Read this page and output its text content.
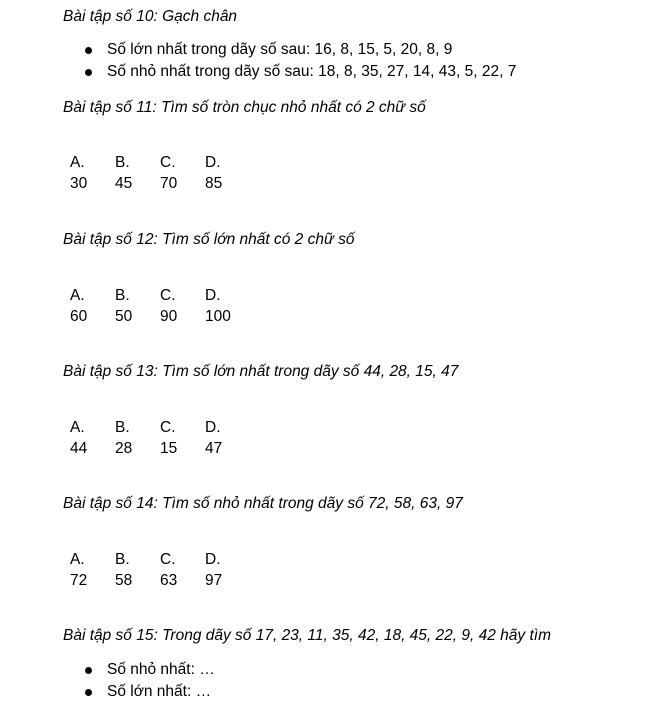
Bài tập số 10: Gạch chân
Số lớn nhất trong dãy số sau: 16, 8, 15, 5, 20, 8, 9
Số nhỏ nhất trong dãy số sau: 18, 8, 35, 27, 14, 43, 5, 22, 7
Bài tập số 11: Tìm số tròn chục nhỏ nhất có 2 chữ số
A.	B.	C.	D.
30	45	70	85
Bài tập số 12: Tìm số lớn nhất có 2 chữ số
A.	B.	C.	D.
60	50	90	100
Bài tập số 13: Tìm số lớn nhất trong dãy số 44, 28, 15, 47
A.	B.	C.	D.
44	28	15	47
Bài tập số 14: Tìm số nhỏ nhất trong dãy số 72, 58, 63, 97
A.	B.	C.	D.
72	58	63	97
Bài tập số 15: Trong dãy số 17, 23, 11, 35, 42, 18, 45, 22, 9, 42 hãy tìm
Số nhỏ nhất: …
Số lớn nhất: …
